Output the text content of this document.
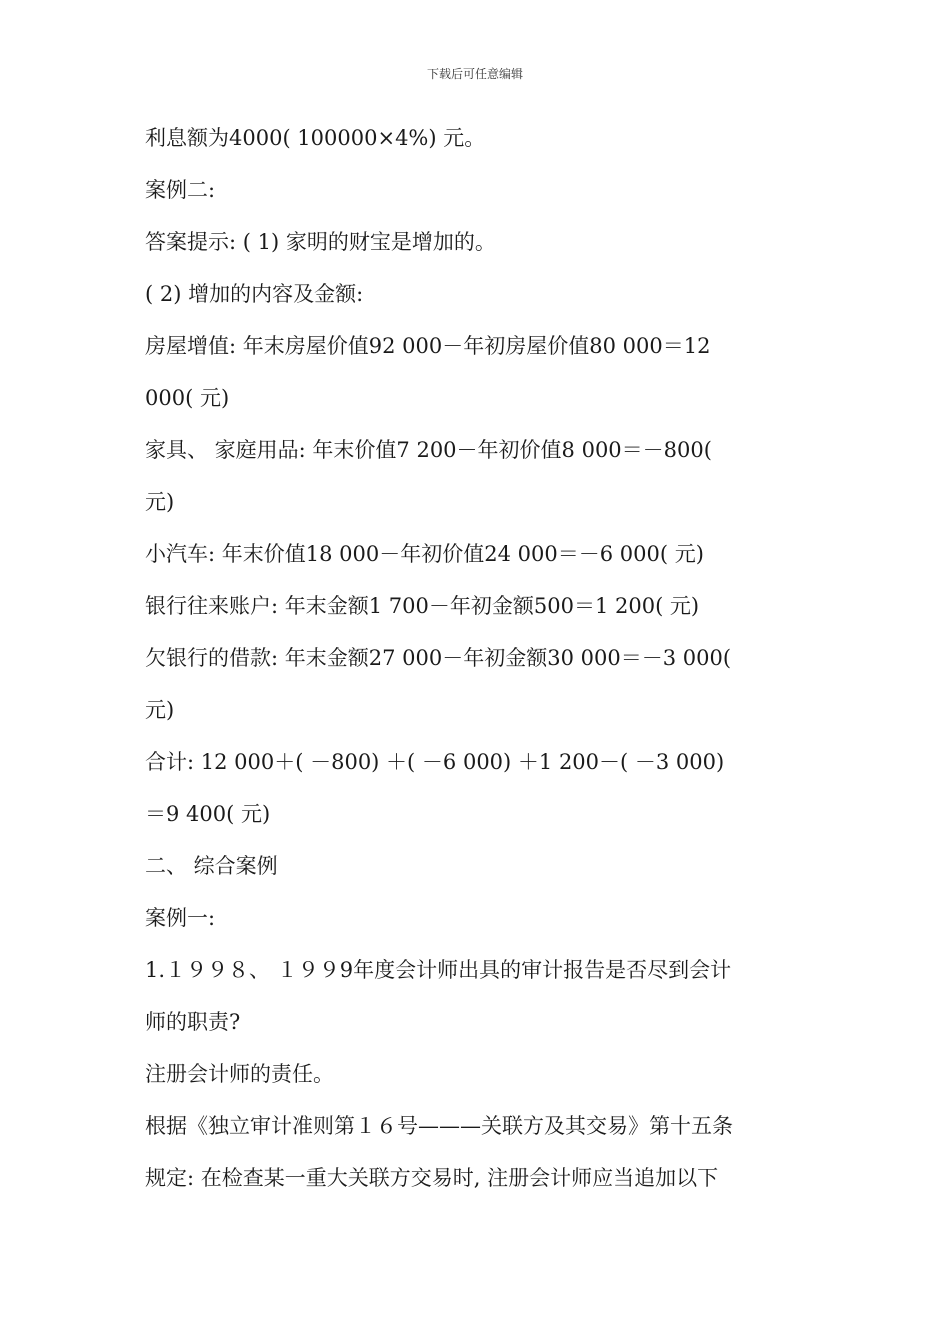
下载后可任意编辑
利息额为4000( 100000×4%) 元。
案例二:
答案提示: ( 1) 家明的财宝是增加的。
( 2) 增加的内容及金额:
房屋增值: 年末房屋价值92 000－年初房屋价值80 000＝12
000( 元)
家具、 家庭用品: 年末价值7 200－年初价值8 000＝－800(
元)
小汽车: 年末价值18 000－年初价值24 000＝－6 000( 元)
银行往来账户: 年末金额1 700－年初金额500＝1 200( 元)
欠银行的借款: 年末金额27 000－年初金额30 000＝－3 000(
元)
合计: 12 000＋( －800) ＋( －6 000) ＋1 200－( －3 000)
＝9 400( 元)
二、 综合案例
案例一:
1.１９９８、 １９９9年度会计师出具的审计报告是否尽到会计
师的职责?
注册会计师的责任。
根据《独立审计准则第１６号———关联方及其交易》第十五条
规定: 在检查某一重大关联方交易时, 注册会计师应当追加以下
